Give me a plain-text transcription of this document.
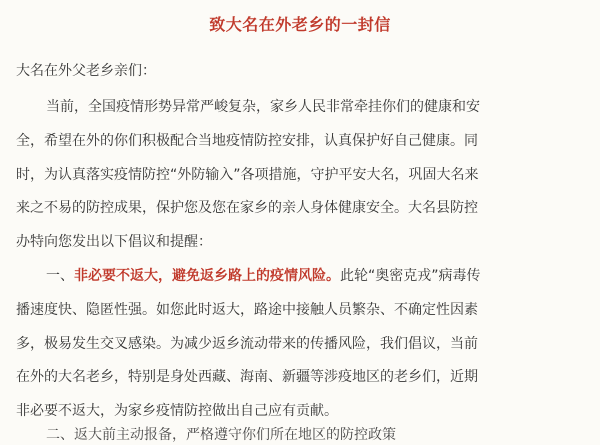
致大名在外老乡的一封信
大名在外父老乡亲们：
当前，全国疫情形势异常严峻复杂，家乡人民非常牵挂你们的健康和安
全，希望在外的你们积极配合当地疫情防控安排，认真保护好自己健康。同
时，为认真落实疫情防控“外防输入”各项措施，守护平安大名，巩固大名来
来之不易的防控成果，保护您及您在家乡的亲人身体健康安全。大名县防控
办特向您发出以下倡议和提醒：
一、非必要不返大，避免返乡路上的疫情风险。此轮“奥密克戎”病毒传
播速度快、隐匿性强。如您此时返大，路途中接触人员繁杂、不确定性因素
多，极易发生交叉感染。为减少返乡流动带来的传播风险，我们倡议，当前
在外的大名老乡，特别是身处西藏、海南、新疆等涉疫地区的老乡们，近期
非必要不返大，为家乡疫情防控做出自己应有贡献。
二、返大前主动报备，严格遵守你们所在地区的防控政策
